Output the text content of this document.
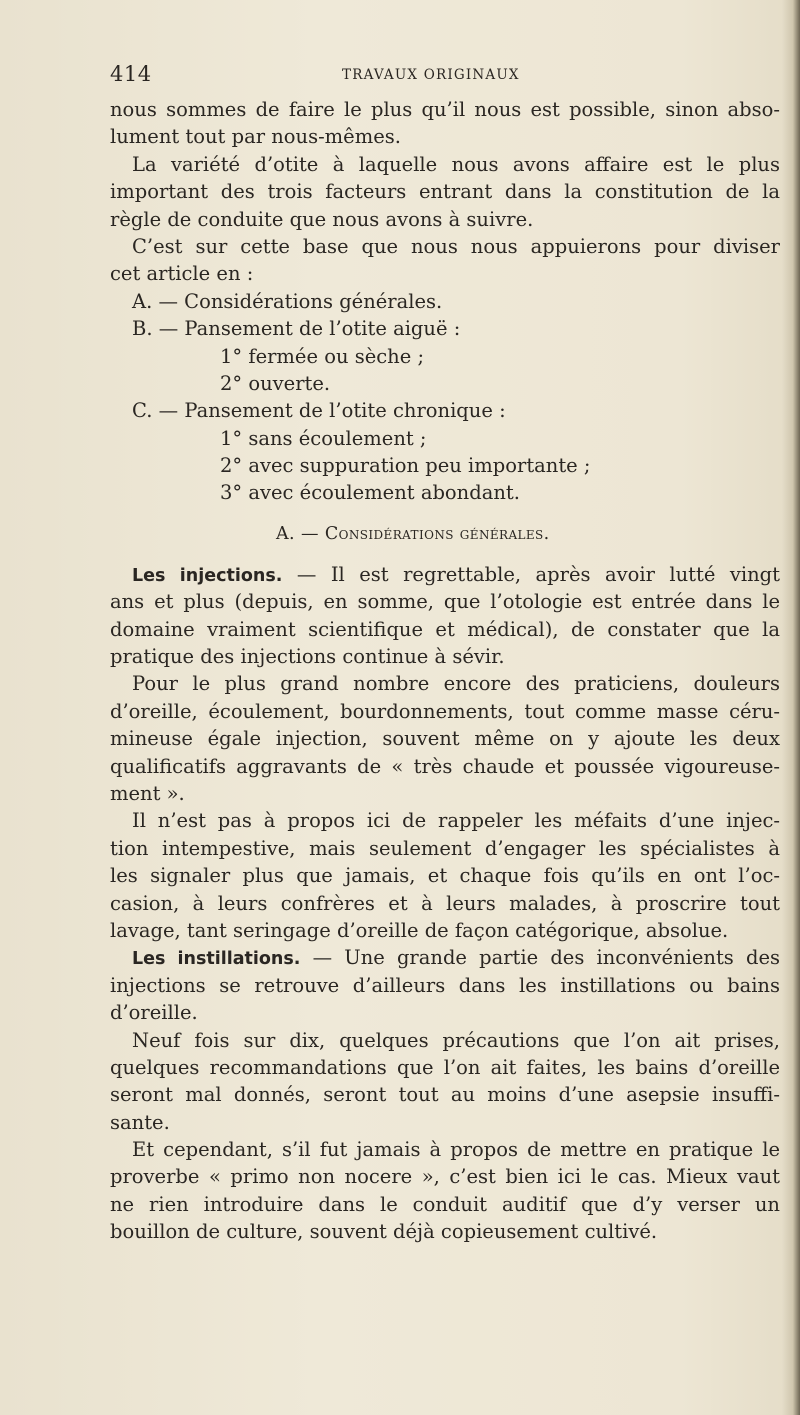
414	TRAVAUX ORIGINAUX
nous sommes de faire le plus qu’il nous est possible, sinon abso-
lument tout par nous-mêmes.
La variété d’otite à laquelle nous avons affaire est le plus
important des trois facteurs entrant dans la constitution de la
règle de conduite que nous avons à suivre.
C’est sur cette base que nous nous appuierons pour diviser
cet article en :
A. — Considérations générales.
B. — Pansement de l’otite aiguë :
1° fermée ou sèche ;
2° ouverte.
C. — Pansement de l’otite chronique :
1° sans écoulement ;
2° avec suppuration peu importante ;
3° avec écoulement abondant.
A. — Considérations générales.
Les injections. — Il est regrettable, après avoir lutté vingt
ans et plus (depuis, en somme, que l’otologie est entrée dans le
domaine vraiment scientifique et médical), de constater que la
pratique des injections continue à sévir.
Pour le plus grand nombre encore des praticiens, douleurs
d’oreille, écoulement, bourdonnements, tout comme masse céru-
mineuse égale injection, souvent même on y ajoute les deux
qualificatifs aggravants de « très chaude et poussée vigoureuse-
ment ».
Il n’est pas à propos ici de rappeler les méfaits d’une injec-
tion intempestive, mais seulement d’engager les spécialistes à
les signaler plus que jamais, et chaque fois qu’ils en ont l’oc-
casion, à leurs confrères et à leurs malades, à proscrire tout
lavage, tant seringage d’oreille de façon catégorique, absolue.
Les instillations. — Une grande partie des inconvénients des
injections se retrouve d’ailleurs dans les instillations ou bains
d’oreille.
Neuf fois sur dix, quelques précautions que l’on ait prises,
quelques recommandations que l’on ait faites, les bains d’oreille
seront mal donnés, seront tout au moins d’une asepsie insuffi-
sante.
Et cependant, s’il fut jamais à propos de mettre en pratique le
proverbe « primo non nocere », c’est bien ici le cas. Mieux vaut
ne rien introduire dans le conduit auditif que d’y verser un
bouillon de culture, souvent déjà copieusement cultivé.
